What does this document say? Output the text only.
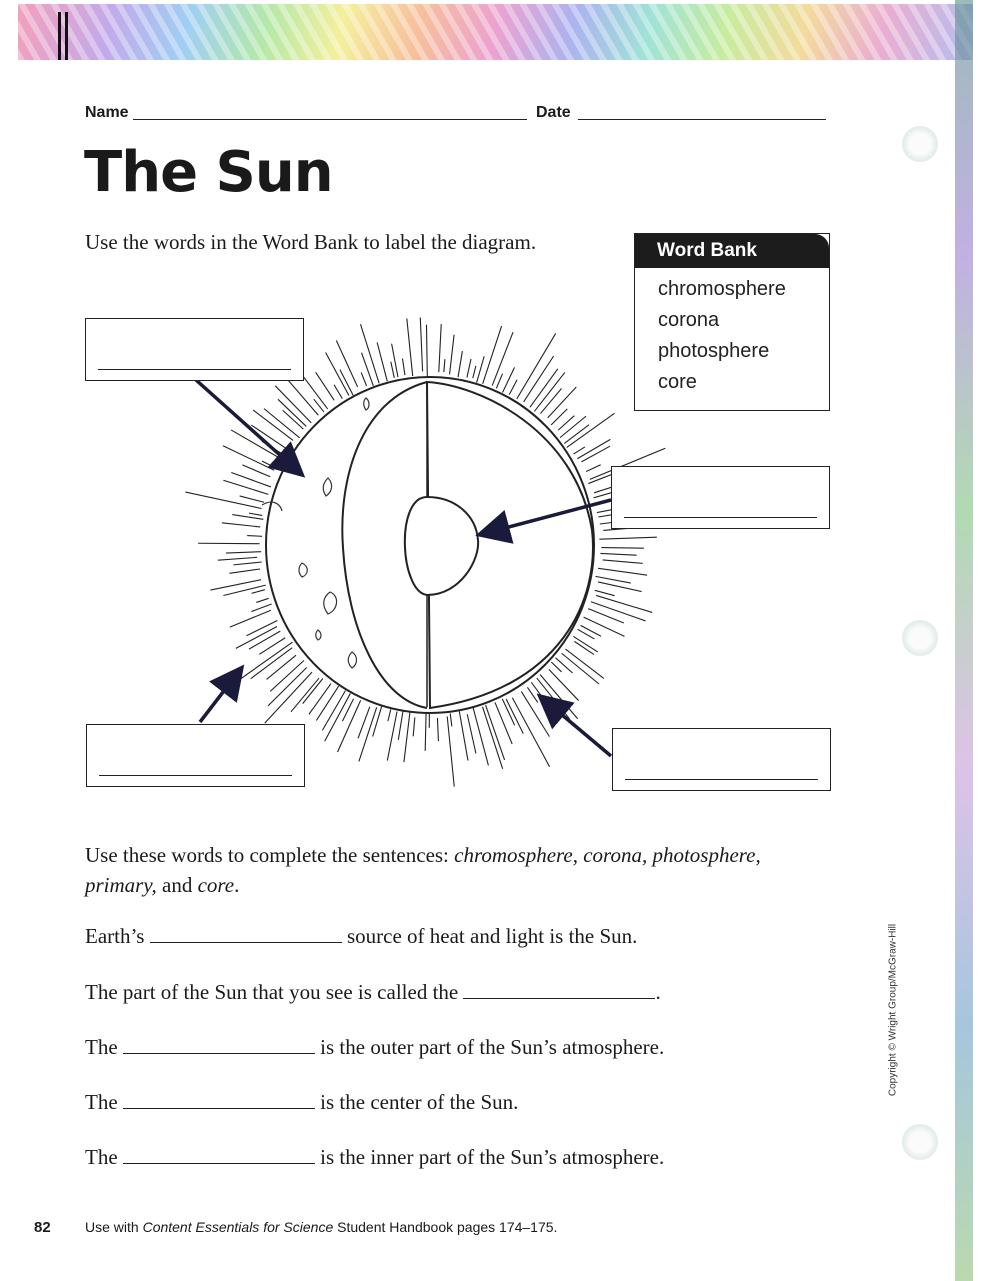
Name	Date
The Sun
Use the words in the Word Bank to label the diagram.	Word Bank
chromosphere
corona
photosphere
core
Use these words to complete the sentences: chromosphere, corona, photosphere, primary, and core.
Earth’s	source of heat and light is the Sun.
The part of the Sun that you see is called the	.
The	is the outer part of the Sun’s atmosphere.
The	is the center of the Sun.
The	is the inner part of the Sun’s atmosphere.
82 Use with Content Essentials for Science Student Handbook pages 174–175.
Copyright © Wright Group/McGraw-Hill
